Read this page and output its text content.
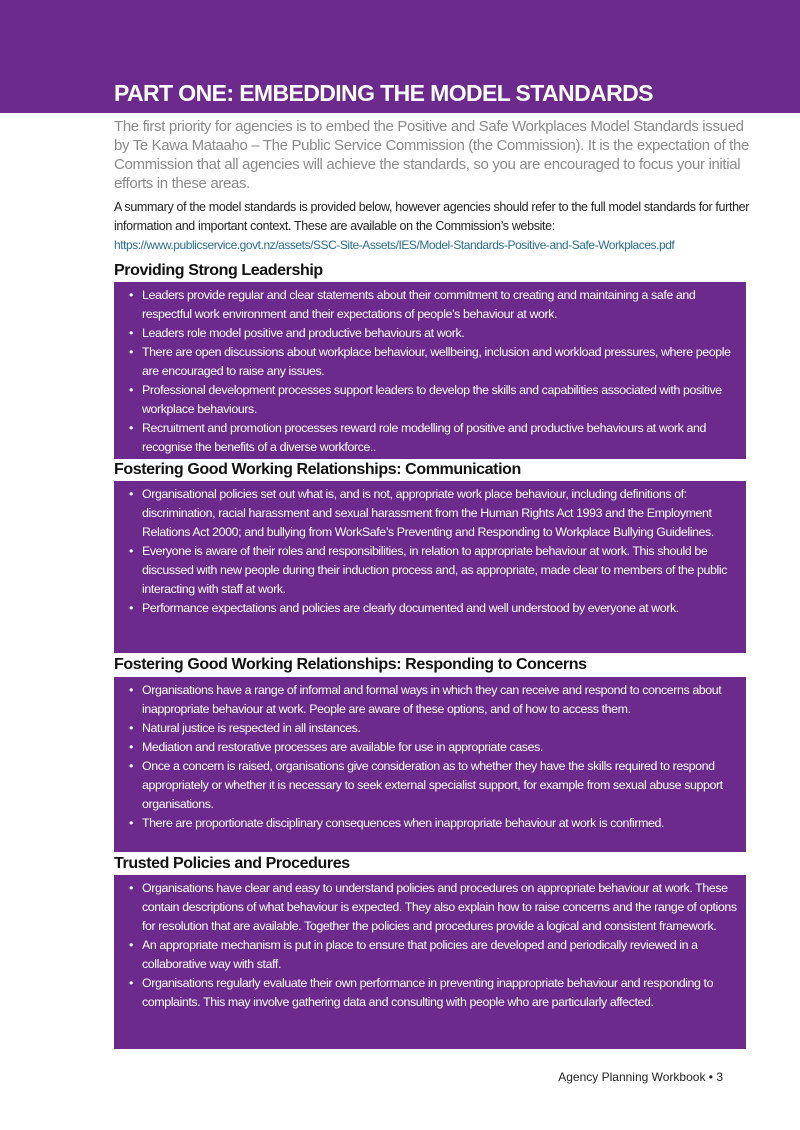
PART ONE: EMBEDDING THE MODEL STANDARDS

The first priority for agencies is to embed the Positive and Safe Workplaces Model Standards issued by Te Kawa Mataaho – The Public Service Commission (the Commission). It is the expectation of the Commission that all agencies will achieve the standards, so you are encouraged to focus your initial efforts in these areas.

A summary of the model standards is provided below, however agencies should refer to the full model standards for further information and important context. These are available on the Commission’s website:
https://www.publicservice.govt.nz/assets/SSC-Site-Assets/IES/Model-Standards-Positive-and-Safe-Workplaces.pdf

Providing Strong Leadership
• Leaders provide regular and clear statements about their commitment to creating and maintaining a safe and respectful work environment and their expectations of people’s behaviour at work.
• Leaders role model positive and productive behaviours at work.
• There are open discussions about workplace behaviour, wellbeing, inclusion and workload pressures, where people are encouraged to raise any issues.
• Professional development processes support leaders to develop the skills and capabilities associated with positive workplace behaviours.
• Recruitment and promotion processes reward role modelling of positive and productive behaviours at work and recognise the benefits of a diverse workforce..
Fostering Good Working Relationships: Communication
• Organisational policies set out what is, and is not, appropriate work place behaviour, including definitions of: discrimination, racial harassment and sexual harassment from the Human Rights Act 1993 and the Employment Relations Act 2000; and bullying from WorkSafe’s Preventing and Responding to Workplace Bullying Guidelines.
• Everyone is aware of their roles and responsibilities, in relation to appropriate behaviour at work. This should be discussed with new people during their induction process and, as appropriate, made clear to members of the public interacting with staff at work.
• Performance expectations and policies are clearly documented and well understood by everyone at work.
Fostering Good Working Relationships: Responding to Concerns
• Organisations have a range of informal and formal ways in which they can receive and respond to concerns about inappropriate behaviour at work. People are aware of these options, and of how to access them.
• Natural justice is respected in all instances.
• Mediation and restorative processes are available for use in appropriate cases.
• Once a concern is raised, organisations give consideration as to whether they have the skills required to respond appropriately or whether it is necessary to seek external specialist support, for example from sexual abuse support organisations.
• There are proportionate disciplinary consequences when inappropriate behaviour at work is confirmed.
Trusted Policies and Procedures
• Organisations have clear and easy to understand policies and procedures on appropriate behaviour at work. These contain descriptions of what behaviour is expected. They also explain how to raise concerns and the range of options for resolution that are available. Together the policies and procedures provide a logical and consistent framework.
• An appropriate mechanism is put in place to ensure that policies are developed and periodically reviewed in a collaborative way with staff.
• Organisations regularly evaluate their own performance in preventing inappropriate behaviour and responding to complaints. This may involve gathering data and consulting with people who are particularly affected.
Agency Planning Workbook • 3
